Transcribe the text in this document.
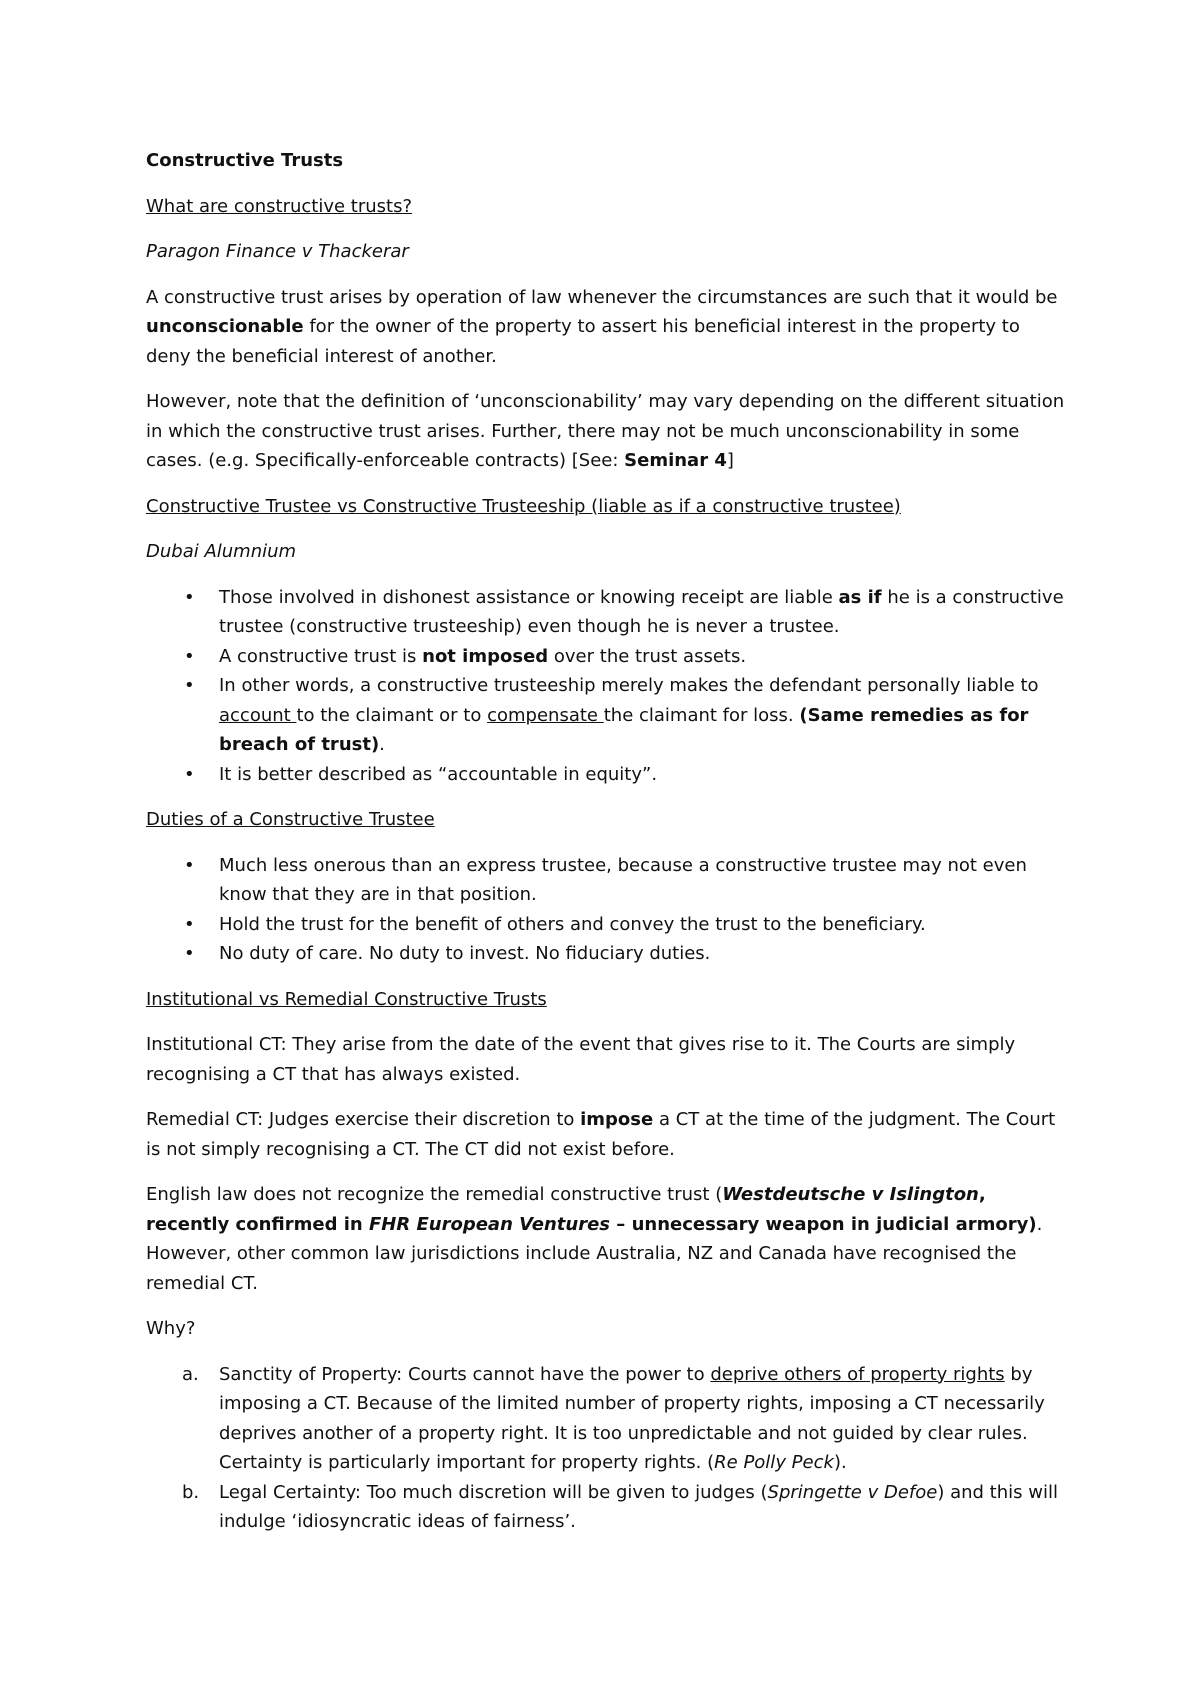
Constructive Trusts

What are constructive trusts?

Paragon Finance v Thackerar

A constructive trust arises by operation of law whenever the circumstances are such that it would be unconscionable for the owner of the property to assert his beneficial interest in the property to deny the beneficial interest of another.

However, note that the definition of ‘unconscionability’ may vary depending on the different situation in which the constructive trust arises. Further, there may not be much unconscionability in some cases. (e.g. Specifically-enforceable contracts) [See: Seminar 4]

Constructive Trustee vs Constructive Trusteeship (liable as if a constructive trustee)

Dubai Alumnium

• Those involved in dishonest assistance or knowing receipt are liable as if he is a constructive trustee (constructive trusteeship) even though he is never a trustee.
• A constructive trust is not imposed over the trust assets.
• In other words, a constructive trusteeship merely makes the defendant personally liable to account to the claimant or to compensate the claimant for loss. (Same remedies as for breach of trust).
• It is better described as “accountable in equity”.

Duties of a Constructive Trustee

• Much less onerous than an express trustee, because a constructive trustee may not even know that they are in that position.
• Hold the trust for the benefit of others and convey the trust to the beneficiary.
• No duty of care. No duty to invest. No fiduciary duties.

Institutional vs Remedial Constructive Trusts

Institutional CT: They arise from the date of the event that gives rise to it. The Courts are simply recognising a CT that has always existed.

Remedial CT: Judges exercise their discretion to impose a CT at the time of the judgment. The Court is not simply recognising a CT. The CT did not exist before.

English law does not recognize the remedial constructive trust (Westdeutsche v Islington, recently confirmed in FHR European Ventures – unnecessary weapon in judicial armory). However, other common law jurisdictions include Australia, NZ and Canada have recognised the remedial CT.

Why?

a. Sanctity of Property: Courts cannot have the power to deprive others of property rights by imposing a CT. Because of the limited number of property rights, imposing a CT necessarily deprives another of a property right. It is too unpredictable and not guided by clear rules. Certainty is particularly important for property rights. (Re Polly Peck).
b. Legal Certainty: Too much discretion will be given to judges (Springette v Defoe) and this will indulge ‘idiosyncratic ideas of fairness’.
